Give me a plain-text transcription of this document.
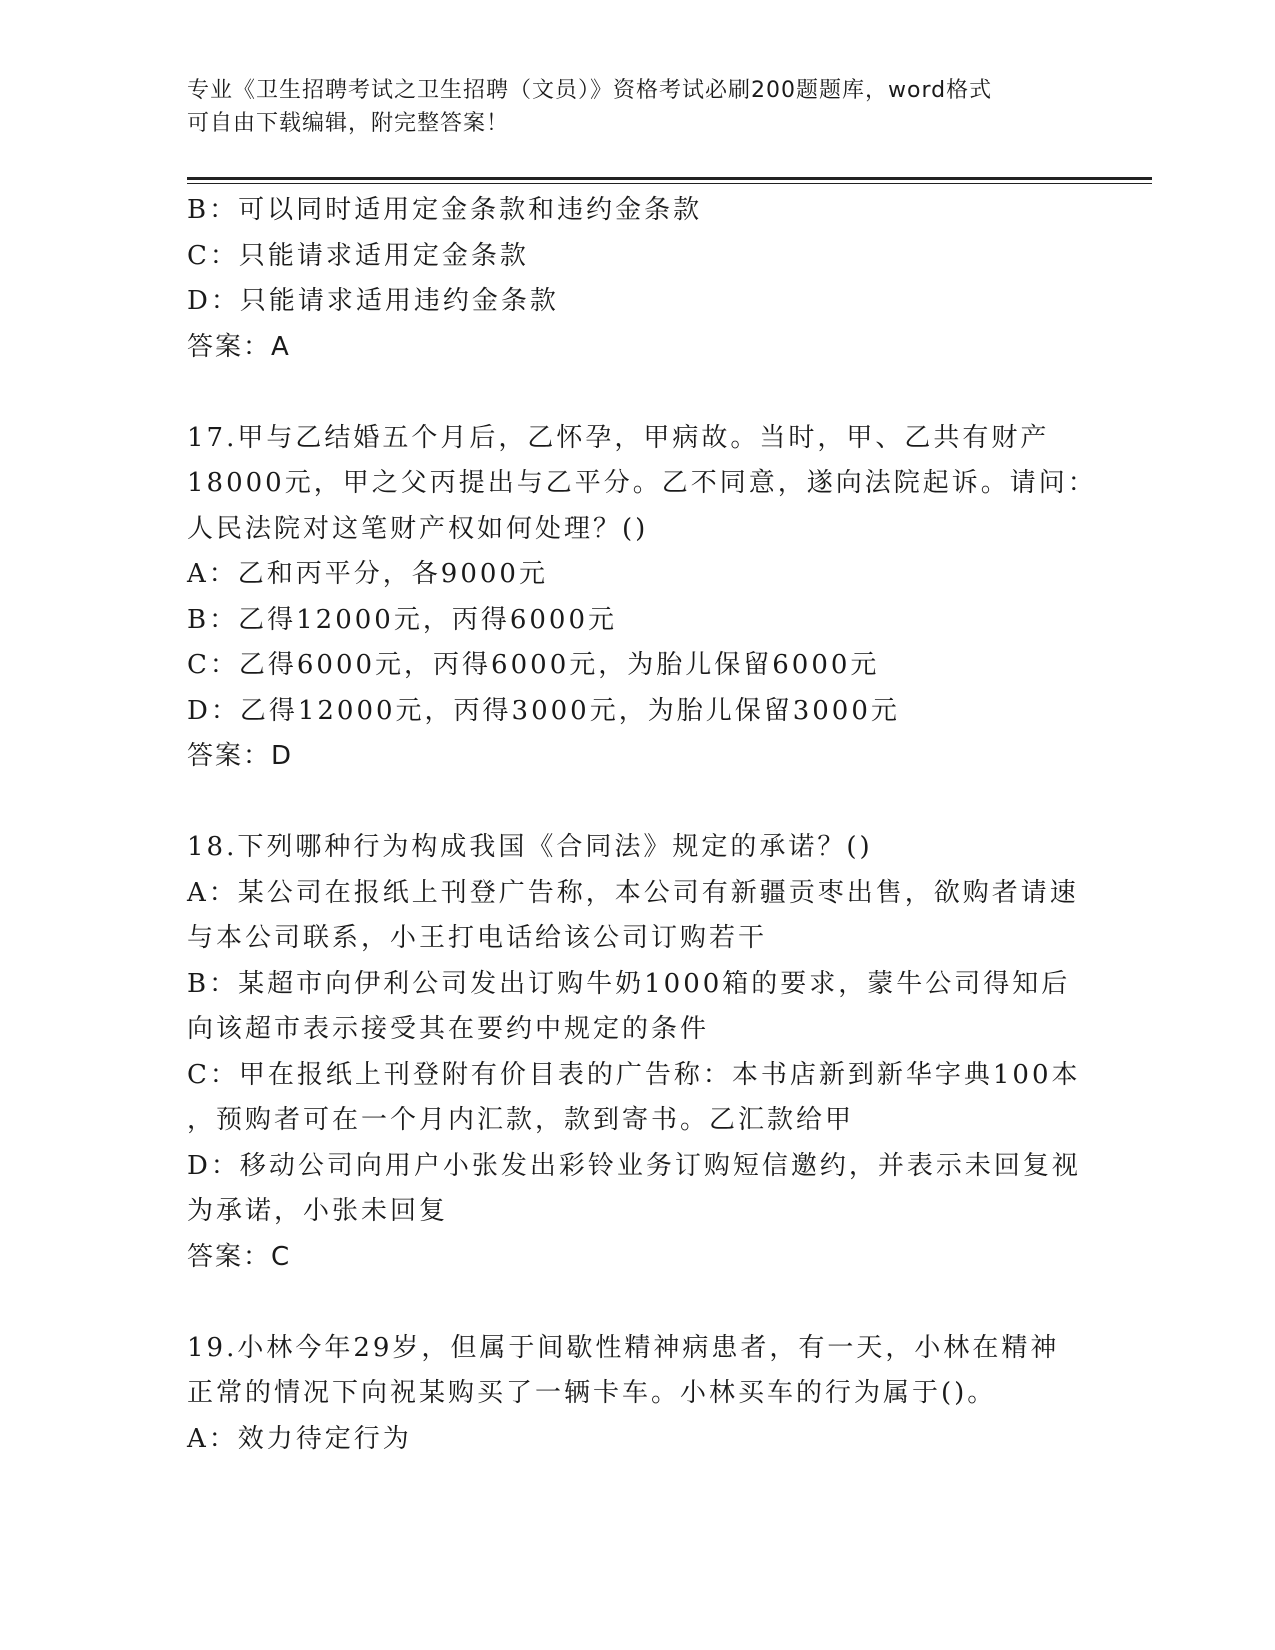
专业《卫生招聘考试之卫生招聘（文员）》资格考试必刷200题题库，word格式
可自由下载编辑，附完整答案！
B：可以同时适用定金条款和违约金条款
C：只能请求适用定金条款
D：只能请求适用违约金条款
答案：A
17.甲与乙结婚五个月后，乙怀孕，甲病故。当时，甲、乙共有财产
18000元，甲之父丙提出与乙平分。乙不同意，遂向法院起诉。请问：
人民法院对这笔财产权如何处理？()
A：乙和丙平分，各9000元
B：乙得12000元，丙得6000元
C：乙得6000元，丙得6000元，为胎儿保留6000元
D：乙得12000元，丙得3000元，为胎儿保留3000元
答案：D
18.下列哪种行为构成我国《合同法》规定的承诺？()
A：某公司在报纸上刊登广告称，本公司有新疆贡枣出售，欲购者请速
与本公司联系，小王打电话给该公司订购若干
B：某超市向伊利公司发出订购牛奶1000箱的要求，蒙牛公司得知后
向该超市表示接受其在要约中规定的条件
C：甲在报纸上刊登附有价目表的广告称：本书店新到新华字典100本
，预购者可在一个月内汇款，款到寄书。乙汇款给甲
D：移动公司向用户小张发出彩铃业务订购短信邀约，并表示未回复视
为承诺，小张未回复
答案：C
19.小林今年29岁，但属于间歇性精神病患者，有一天，小林在精神
正常的情况下向祝某购买了一辆卡车。小林买车的行为属于()。
A：效力待定行为
